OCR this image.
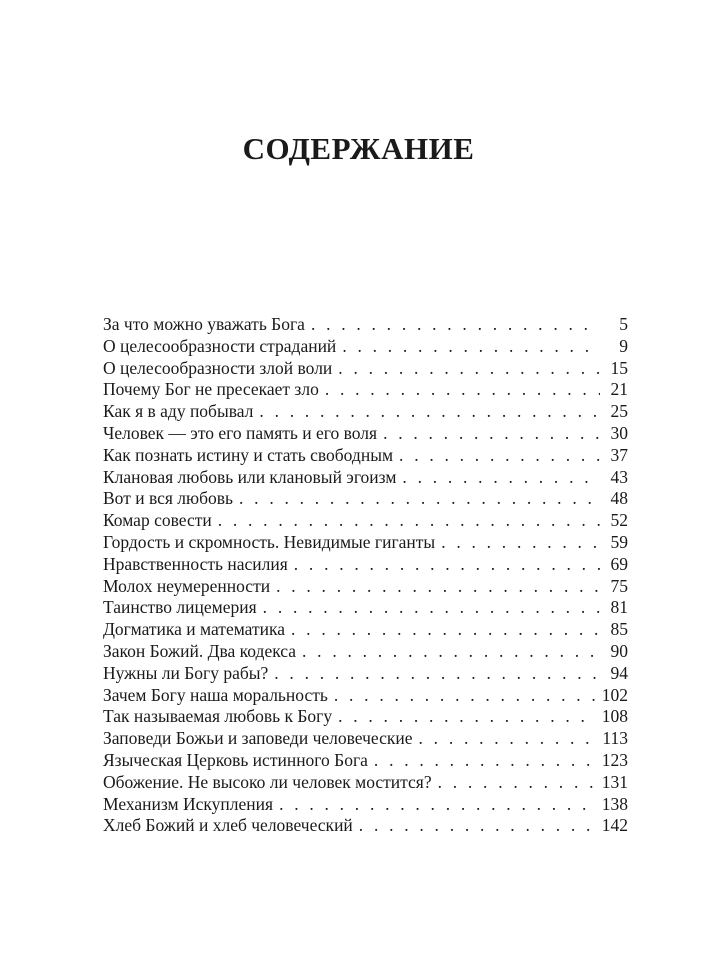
СОДЕРЖАНИЕ
За что можно уважать Бога . . .	5
О целесообразности страданий . . .	9
О целесообразности злой воли . . .	15
Почему Бог не пресекает зло . . .	21
Как я в аду побывал . . .	25
Человек — это его память и его воля . . .	30
Как познать истину и стать свободным . . .	37
Клановая любовь или клановый эгоизм . . .	43
Вот и вся любовь . . .	48
Комар совести . . .	52
Гордость и скромность. Невидимые гиганты . . .	59
Нравственность насилия . . .	69
Молох неумеренности . . .	75
Таинство лицемерия . . .	81
Догматика и математика . . .	85
Закон Божий. Два кодекса . . .	90
Нужны ли Богу рабы? . . .	94
Зачем Богу наша моральность . . .	102
Так называемая любовь к Богу . . .	108
Заповеди Божьи и заповеди человеческие . . .	113
Языческая Церковь истинного Бога . . .	123
Обожение. Не высоко ли человек мостится? . . .	131
Механизм Искупления . . .	138
Хлеб Божий и хлеб человеческий . . .	142
